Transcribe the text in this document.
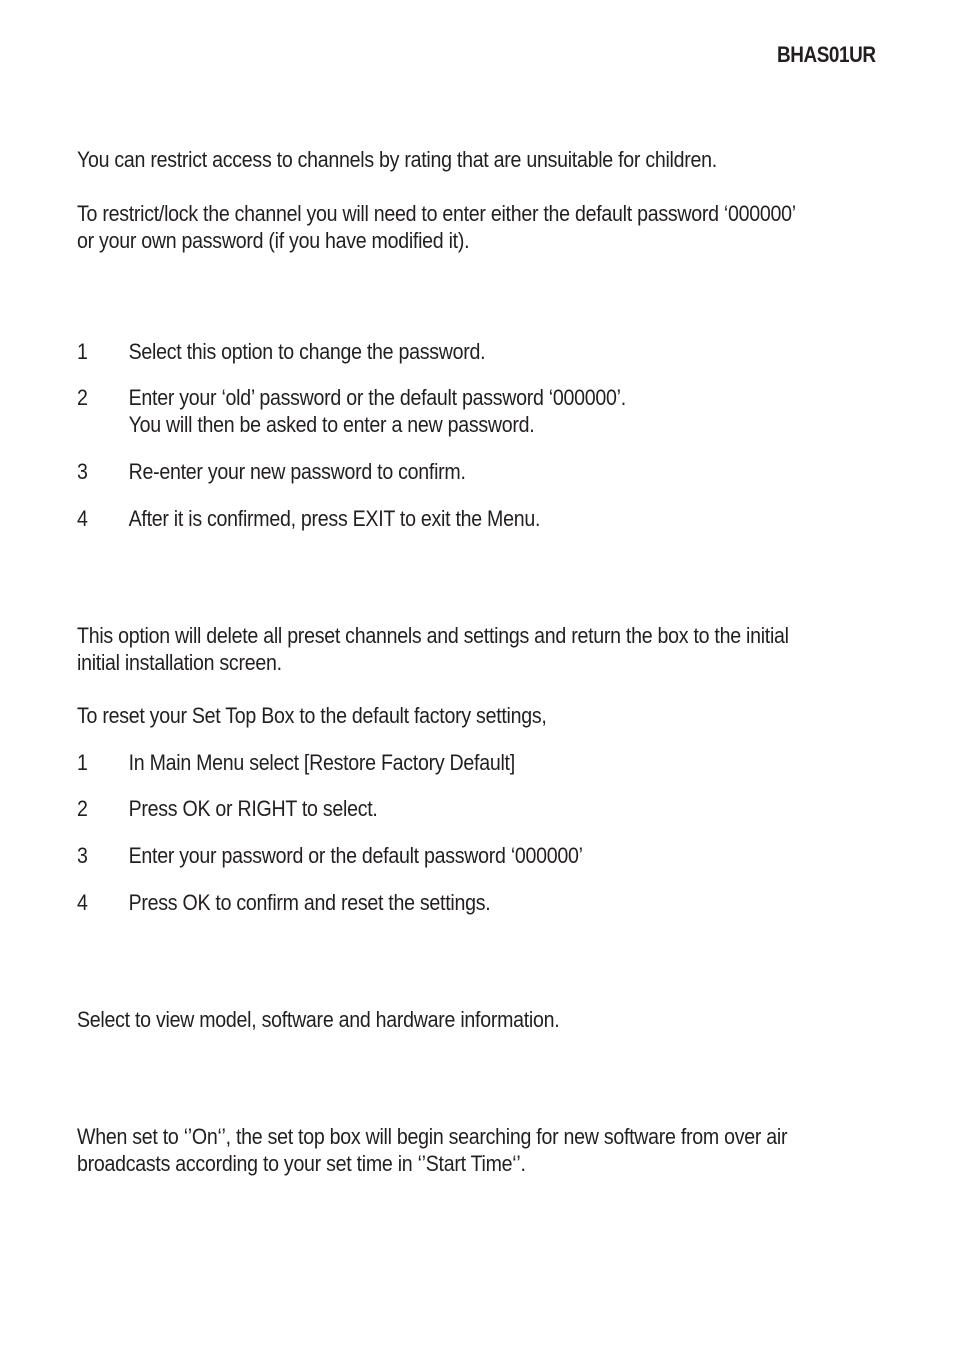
BHAS01UR
You can restrict access to channels by rating that are unsuitable for children.
To restrict/lock the channel you will need to enter either the default password ‘000000’
or your own password (if you have modified it).
1 Select this option to change the password.
2 Enter your ‘old’ password or the default password ‘000000’.
You will then be asked to enter a new password.
3 Re-enter your new password to confirm.
4 After it is confirmed, press EXIT to exit the Menu.
This option will delete all preset channels and settings and return the box to the initial
initial installation screen.
To reset your Set Top Box to the default factory settings,
1 In Main Menu select [Restore Factory Default]
2 Press OK or RIGHT to select.
3 Enter your password or the default password ‘000000’
4 Press OK to confirm and reset the settings.
Select to view model, software and hardware information.
When set to ‘’On‘’, the set top box will begin searching for new software from over air
broadcasts according to your set time in ‘’Start Time‘’.
